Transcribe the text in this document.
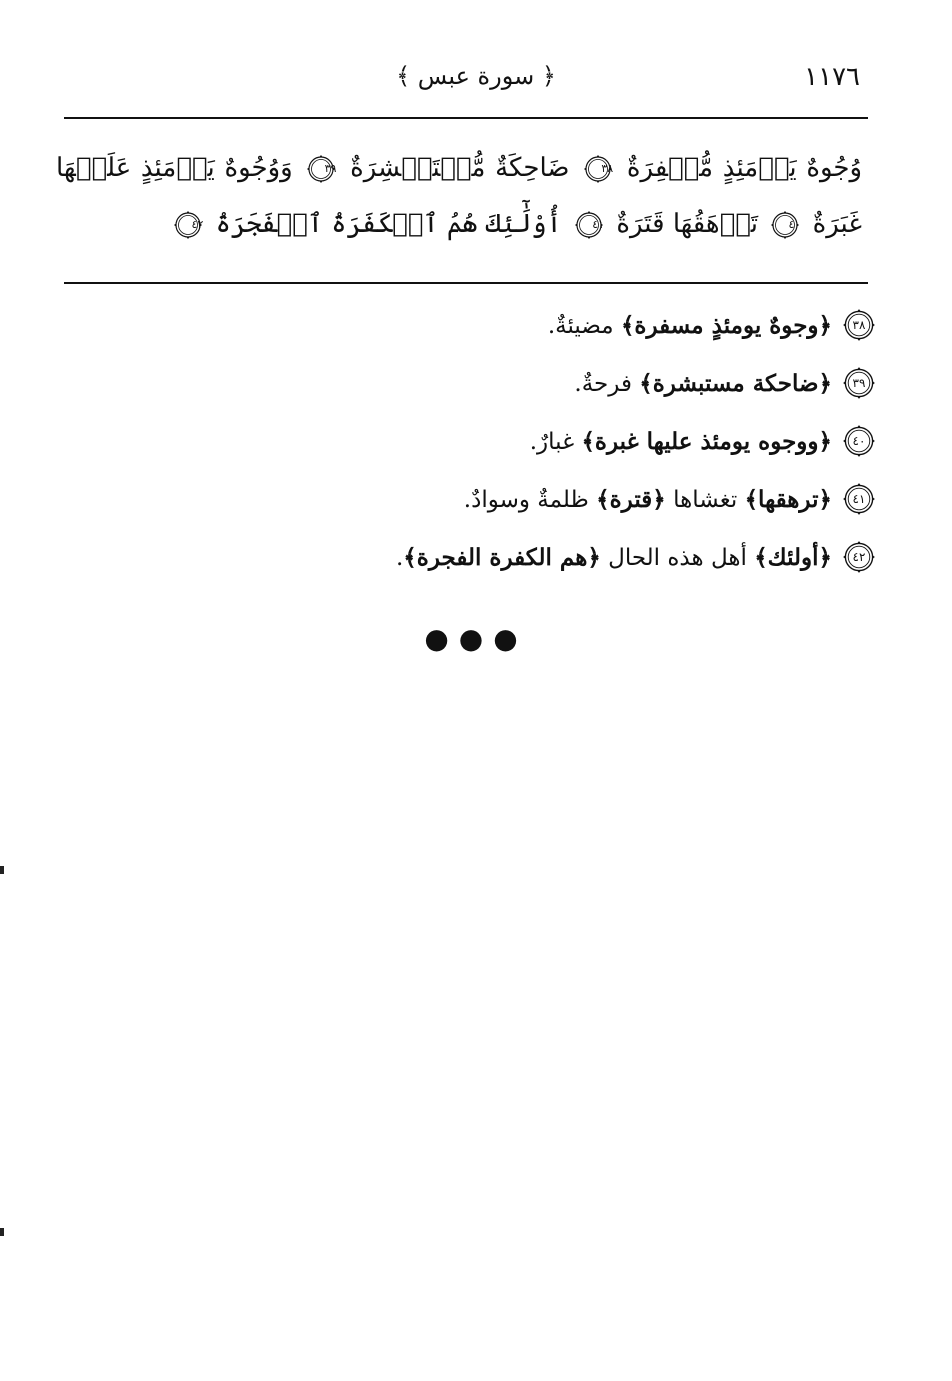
١١٧٦
﴿ سورة عبس ﴾
وُجُوهٌ يَوۡمَئِذٍ مُّسۡفِرَةٌ
٣٨
ضَاحِكَةٌ مُّسۡتَبۡشِرَةٌ
٣٩
وَوُجُوهٌ يَوۡمَئِذٍ عَلَيۡهَا غَبَرَةٌ
٤٠
تَرۡهَقُهَا قَتَرَةٌ
٤١
أُوْلَٰٓئِكَ هُمُ ٱلۡكَفَرَةُ ٱلۡفَجَرَةُ
٤٢
٣٨
﴿وجوهٌ يومئذٍ مسفرة﴾ مضيئةٌ.
٣٩
﴿ضاحكة مستبشرة﴾ فرحةٌ.
٤٠
﴿ووجوه يومئذ عليها غبرة﴾ غبارٌ.
٤١
﴿ترهقها﴾ تغشاها ﴿قترة﴾ ظلمةٌ وسوادٌ.
٤٢
﴿أولئك﴾ أهل هذه الحال ﴿هم الكفرة الفجرة﴾.
●●●
